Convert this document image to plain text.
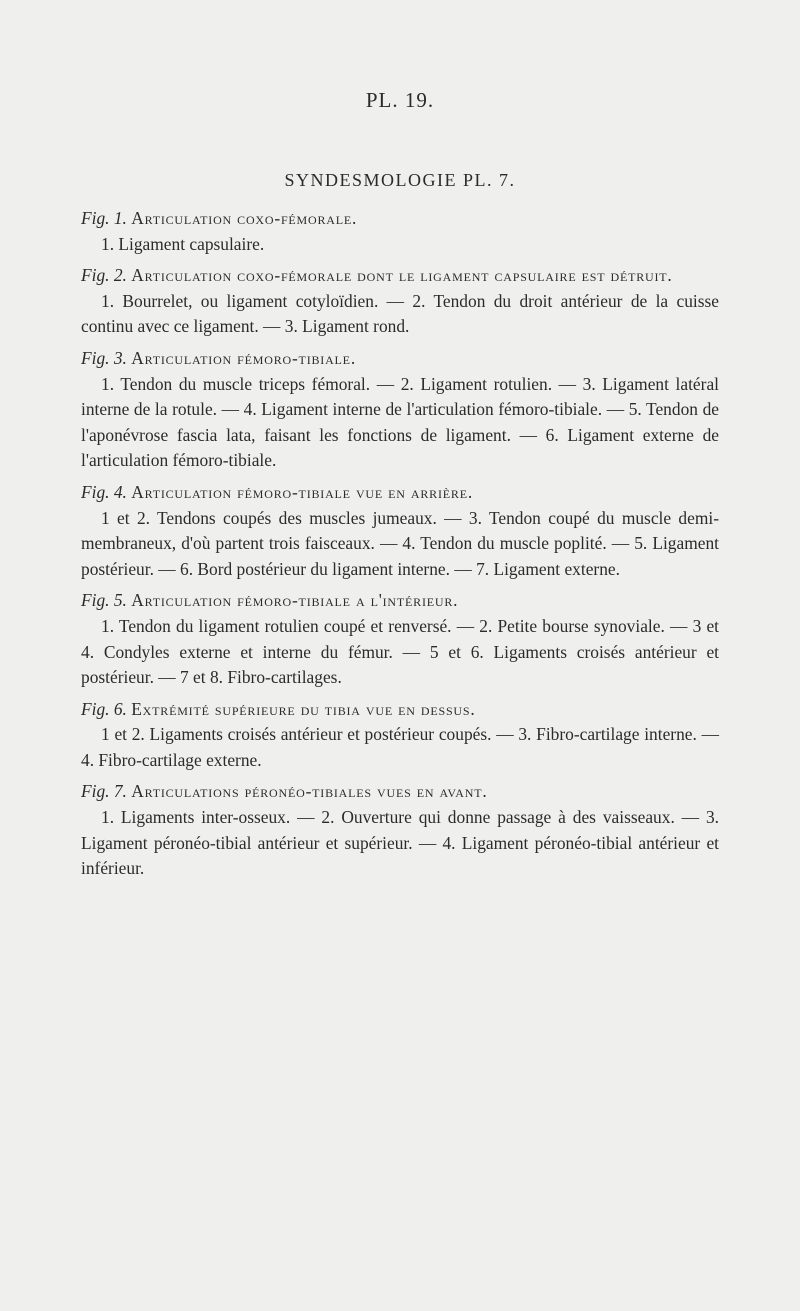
PL. 19.
SYNDESMOLOGIE PL. 7.
Fig. 1. Articulation coxo-fémorale.

1. Ligament capsulaire.

Fig. 2. Articulation coxo-fémorale dont le ligament capsulaire est détruit.

1. Bourrelet, ou ligament cotyloïdien. — 2. Tendon du droit antérieur de la cuisse continu avec ce ligament. — 3. Ligament rond.

Fig. 3. Articulation fémoro-tibiale.

1. Tendon du muscle triceps fémoral. — 2. Ligament rotulien. — 3. Ligament latéral interne de la rotule. — 4. Ligament interne de l'articulation fémoro-tibiale. — 5. Tendon de l'aponévrose fascia lata, faisant les fonctions de ligament. — 6. Ligament externe de l'articulation fémoro-tibiale.

Fig. 4. Articulation fémoro-tibiale vue en arrière.

1 et 2. Tendons coupés des muscles jumeaux. — 3. Tendon coupé du muscle demi-membraneux, d'où partent trois faisceaux. — 4. Tendon du muscle poplité. — 5. Ligament postérieur. — 6. Bord postérieur du ligament interne. — 7. Ligament externe.

Fig. 5. Articulation fémoro-tibiale a l'intérieur.

1. Tendon du ligament rotulien coupé et renversé. — 2. Petite bourse synoviale. — 3 et 4. Condyles externe et interne du fémur. — 5 et 6. Ligaments croisés antérieur et postérieur. — 7 et 8. Fibro-cartilages.

Fig. 6. Extrémité supérieure du tibia vue en dessus.

1 et 2. Ligaments croisés antérieur et postérieur coupés. — 3. Fibro-cartilage interne. — 4. Fibro-cartilage externe.

Fig. 7. Articulations péronéo-tibiales vues en avant.

1. Ligaments inter-osseux. — 2. Ouverture qui donne passage à des vaisseaux. — 3. Ligament péronéo-tibial antérieur et supérieur. — 4. Ligament péronéo-tibial antérieur et inférieur.
